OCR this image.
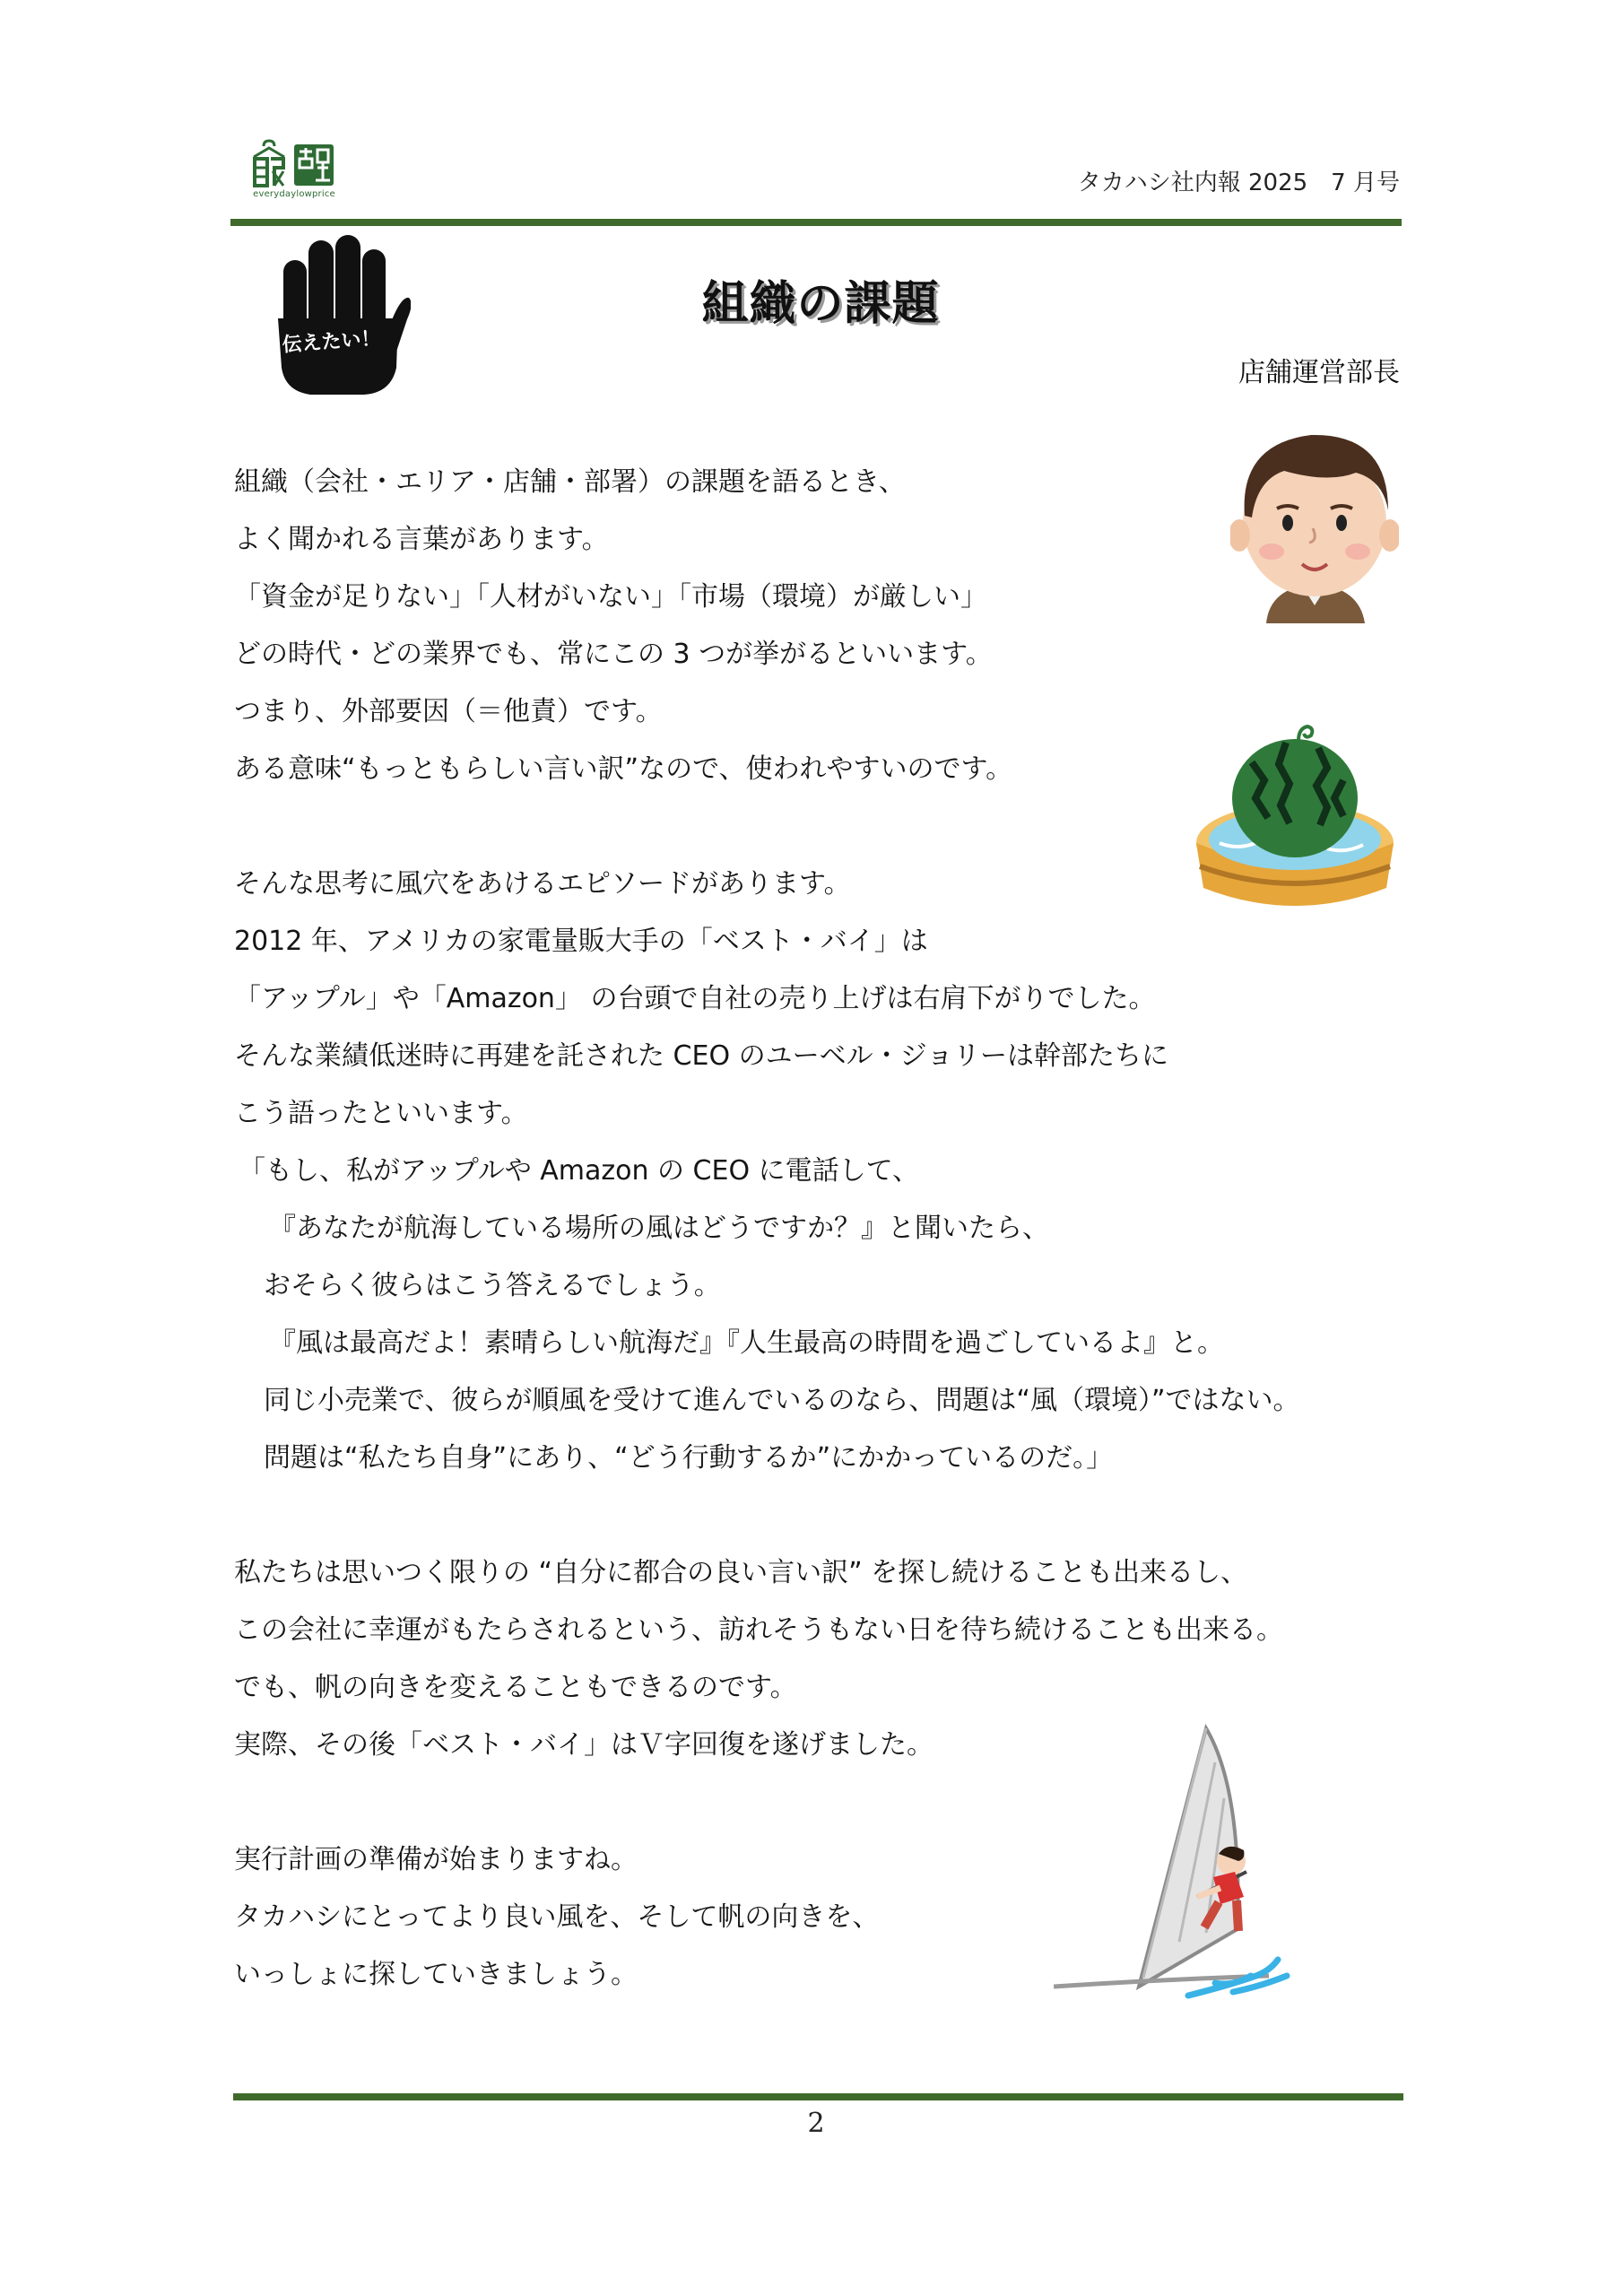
everydaylowprice	タカハシ社内報 2025　7 月号
伝えたい！
組織の課題
店舗運営部長
組織（会社・エリア・店舗・部署）の課題を語るとき、
よく聞かれる言葉があります。
「資金が足りない」「人材がいない」「市場（環境）が厳しい」
どの時代・どの業界でも、常にこの 3 つが挙がるといいます。
つまり、外部要因（＝他責）です。
ある意味“もっともらしい言い訳”なので、使われやすいのです。
そんな思考に風穴をあけるエピソードがあります。
2012 年、アメリカの家電量販大手の「ベスト・バイ」は
「アップル」や「Amazon」 の台頭で自社の売り上げは右肩下がりでした。
そんな業績低迷時に再建を託された CEO のユーベル・ジョリーは幹部たちに
こう語ったといいます。
「もし、私がアップルや Amazon の CEO に電話して、
『あなたが航海している場所の風はどうですか？』と聞いたら、
おそらく彼らはこう答えるでしょう。
『風は最高だよ！素晴らしい航海だ』『人生最高の時間を過ごしているよ』と。
同じ小売業で、彼らが順風を受けて進んでいるのなら、問題は“風（環境）”ではない。
問題は“私たち自身”にあり、“どう行動するか”にかかっているのだ。」
私たちは思いつく限りの “自分に都合の良い言い訳” を探し続けることも出来るし、
この会社に幸運がもたらされるという、訪れそうもない日を待ち続けることも出来る。
でも、帆の向きを変えることもできるのです。
実際、その後「ベスト・バイ」はＶ字回復を遂げました。
実行計画の準備が始まりますね。
タカハシにとってより良い風を、そして帆の向きを、
いっしょに探していきましょう。
2
